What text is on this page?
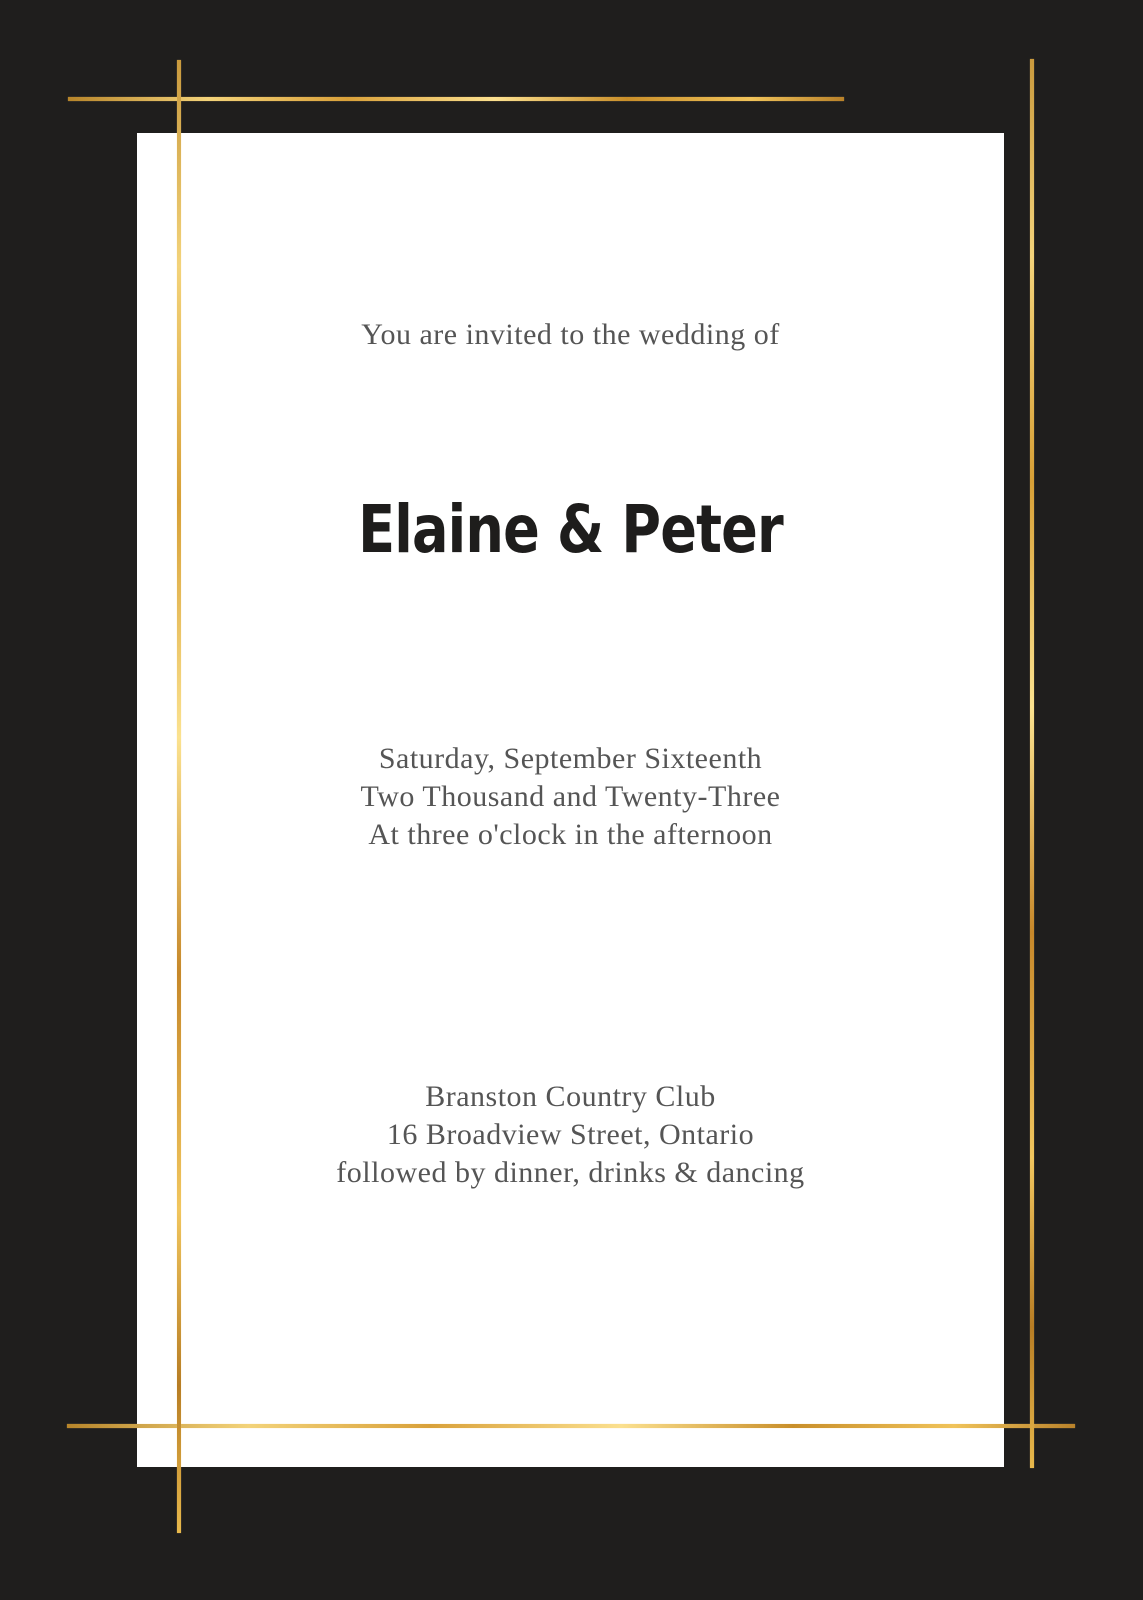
You are invited to the wedding of

Elaine & Peter
Saturday, September Sixteenth
Two Thousand and Twenty-Three
At three o'clock in the afternoon
Branston Country Club
16 Broadview Street, Ontario
followed by dinner, drinks & dancing
